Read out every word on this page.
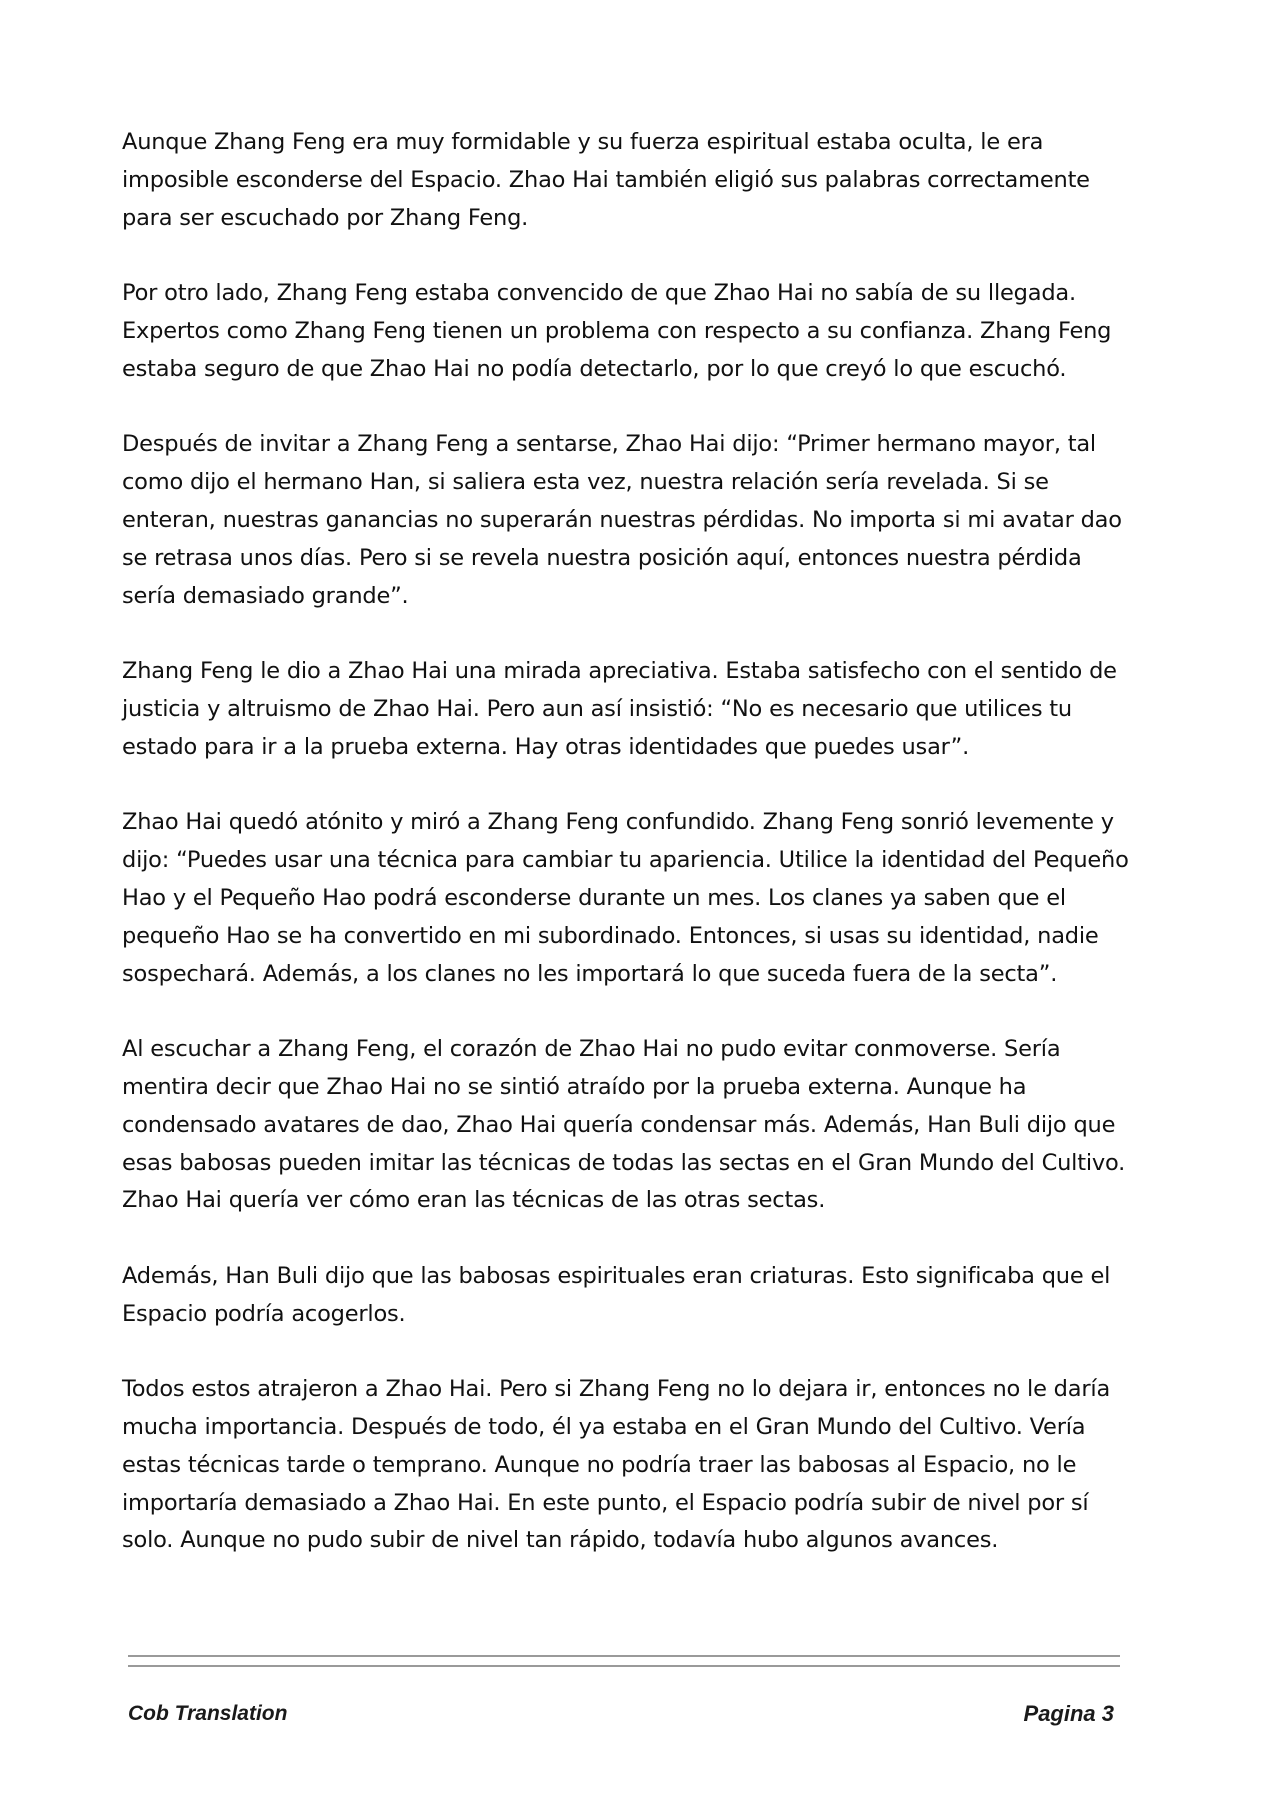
Aunque Zhang Feng era muy formidable y su fuerza espiritual estaba oculta, le era imposible esconderse del Espacio. Zhao Hai también eligió sus palabras correctamente para ser escuchado por Zhang Feng.

Por otro lado, Zhang Feng estaba convencido de que Zhao Hai no sabía de su llegada. Expertos como Zhang Feng tienen un problema con respecto a su confianza. Zhang Feng estaba seguro de que Zhao Hai no podía detectarlo, por lo que creyó lo que escuchó.

Después de invitar a Zhang Feng a sentarse, Zhao Hai dijo: “Primer hermano mayor, tal como dijo el hermano Han, si saliera esta vez, nuestra relación sería revelada. Si se enteran, nuestras ganancias no superarán nuestras pérdidas. No importa si mi avatar dao se retrasa unos días. Pero si se revela nuestra posición aquí, entonces nuestra pérdida sería demasiado grande”.

Zhang Feng le dio a Zhao Hai una mirada apreciativa. Estaba satisfecho con el sentido de justicia y altruismo de Zhao Hai. Pero aun así insistió: “No es necesario que utilices tu estado para ir a la prueba externa. Hay otras identidades que puedes usar”.

Zhao Hai quedó atónito y miró a Zhang Feng confundido. Zhang Feng sonrió levemente y dijo: “Puedes usar una técnica para cambiar tu apariencia. Utilice la identidad del Pequeño Hao y el Pequeño Hao podrá esconderse durante un mes. Los clanes ya saben que el pequeño Hao se ha convertido en mi subordinado. Entonces, si usas su identidad, nadie sospechará. Además, a los clanes no les importará lo que suceda fuera de la secta”.

Al escuchar a Zhang Feng, el corazón de Zhao Hai no pudo evitar conmoverse. Sería mentira decir que Zhao Hai no se sintió atraído por la prueba externa. Aunque ha condensado avatares de dao, Zhao Hai quería condensar más. Además, Han Buli dijo que esas babosas pueden imitar las técnicas de todas las sectas en el Gran Mundo del Cultivo. Zhao Hai quería ver cómo eran las técnicas de las otras sectas.

Además, Han Buli dijo que las babosas espirituales eran criaturas. Esto significaba que el Espacio podría acogerlos.

Todos estos atrajeron a Zhao Hai. Pero si Zhang Feng no lo dejara ir, entonces no le daría mucha importancia. Después de todo, él ya estaba en el Gran Mundo del Cultivo. Vería estas técnicas tarde o temprano. Aunque no podría traer las babosas al Espacio, no le importaría demasiado a Zhao Hai. En este punto, el Espacio podría subir de nivel por sí solo. Aunque no pudo subir de nivel tan rápido, todavía hubo algunos avances.

Cob Translation	Pagina 3
